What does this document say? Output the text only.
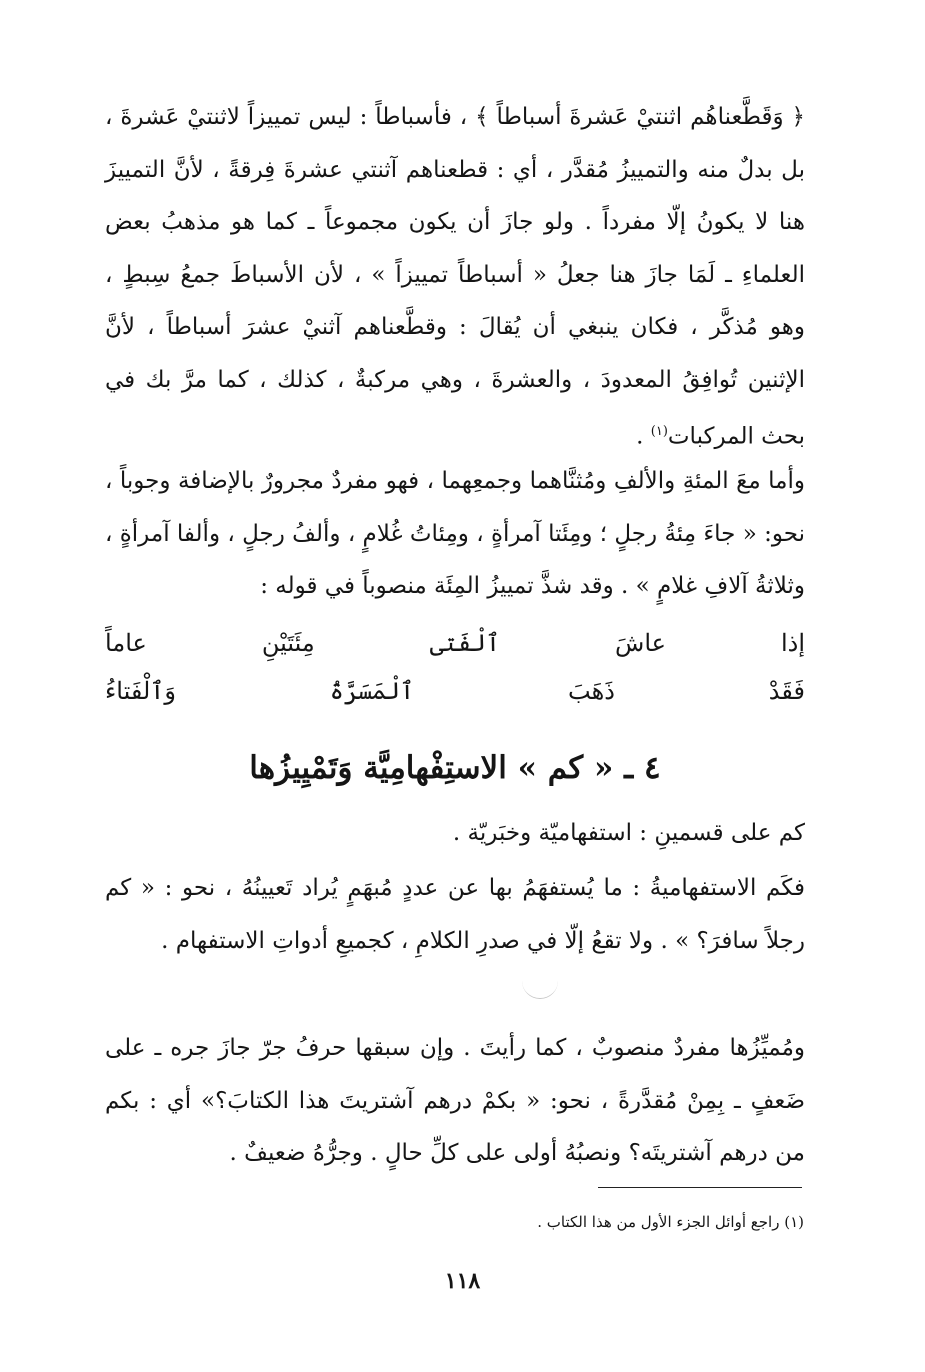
﴿ وَقَطَّعناهُم اثنتيْ عَشرةَ أسباطاً ﴾ ، فأسباطاً : ليس تمييزاً لاثنتيْ عَشرةَ ، بل بدلٌ منه والتمييزُ مُقدَّر ، أي : قطعناهم آثنتي عشرةَ فِرقةً ، لأنَّ التمييزَ هنا لا يكونُ إلّا مفرداً . ولو جازَ أن يكون مجموعاً ـ كما هو مذهبُ بعض العلماءِ ـ لَمَا جازَ هنا جعلُ « أسباطاً تمييزاً » ، لأن الأسباطَ جمعُ سِبطٍ ، وهو مُذكَّر ، فكان ينبغي أن يُقالَ : وقطَّعناهم آثنيْ عشرَ أسباطاً ، لأنَّ الإثنين تُوافِقُ المعدودَ ، والعشرةَ ، وهي مركبةٌ ، كذلك ، كما مرَّ بك في بحث المركبات$^{(١)}$ .

وأما معَ المئةِ والألفِ ومُثنَّاهما وجمعِهما ، فهو مفردٌ مجرورٌ بالإضافة وجوباً ، نحو: « جاءَ مِئةُ رجلٍ ؛ ومِئَتا آمرأةٍ ، ومِئاتُ غُلامٍ ، وألفُ رجلٍ ، وألفا آمرأةٍ ، وثلاثةُ آلافِ غلامٍ » . وقد شذَّ تمييزُ المِئَة منصوباً في قوله :

إذا
عاشَ
ٱلْفَتى
مِئَتَيْنِ
عاماً
فَقَدْ
ذَهَبَ
ٱلْمَسَرَّةُ
وَٱلْفَتاءُ
٤ ـ « كم » الاستِفْهامِيَّة وَتَمْيِيزُها

كم على قسمينِ : استفهاميّة وخبَريّة .

فكَم الاستفهاميةُ : ما يُستفهَمُ بها عن عددٍ مُبهَمٍ يُراد تَعيينُهُ ، نحو : « كم رجلاً سافرَ؟ » . ولا تقعُ إلّا في صدرِ الكلامِ ، كجميعِ أدواتِ الاستفهام .

ومُميِّزُها مفردٌ منصوبٌ ، كما رأيتَ . وإن سبقها حرفُ جرّ جازَ جره ـ على ضَعفٍ ـ بِمِنْ مُقدَّرةً ، نحو: « بكمْ درهم آشتريتَ هذا الكتابَ؟» أي : بكم من درهم آشتريتَه؟ ونصبُهُ أولى على كلِّ حالٍ . وجرُّهُ ضعيفٌ .

(١) راجع أوائل الجزء الأول من هذا الكتاب .

١١٨
